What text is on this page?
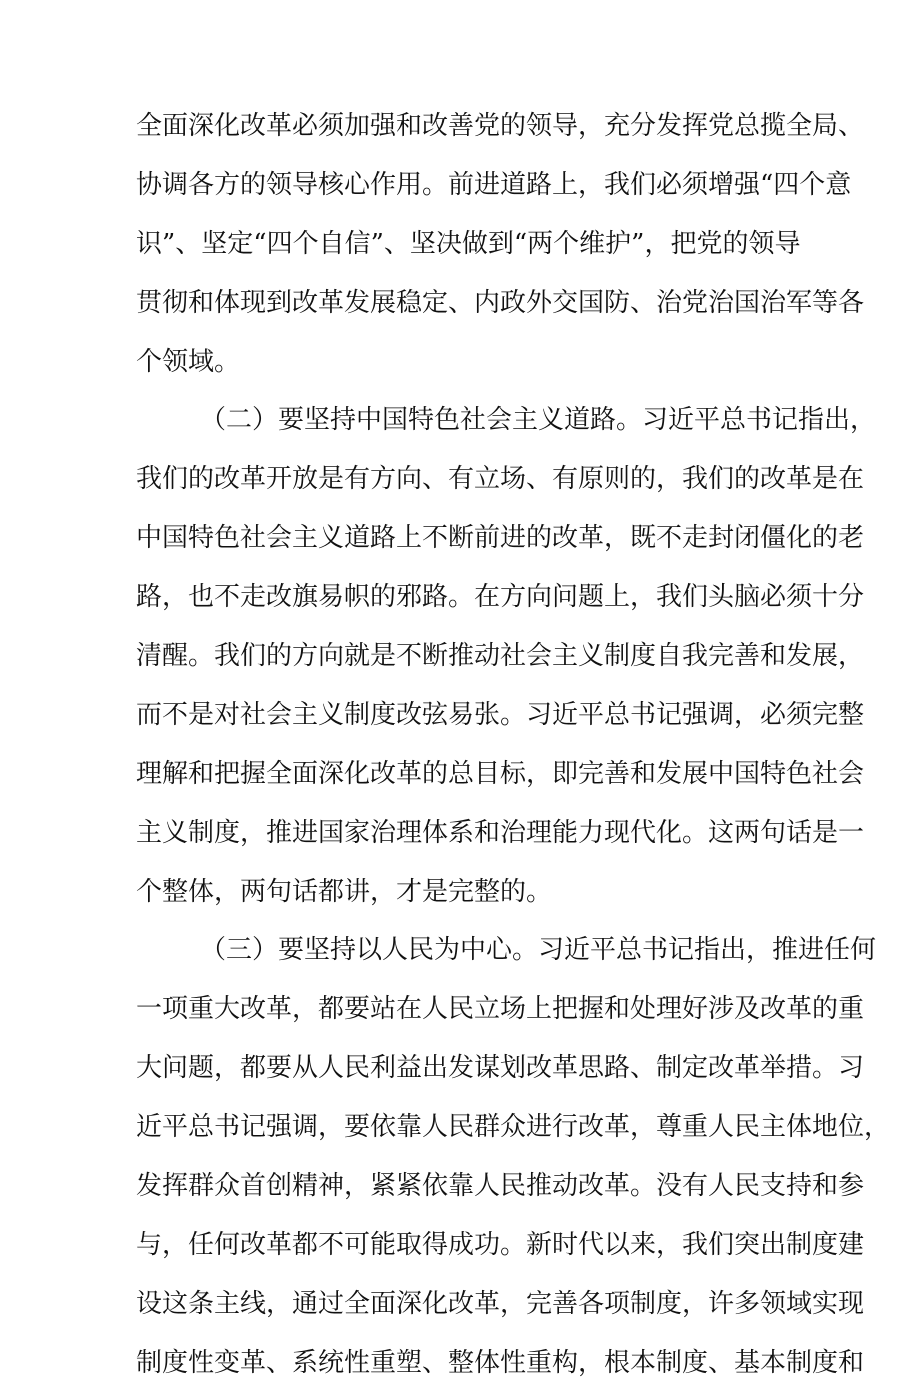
全面深化改革必须加强和改善党的领导，充分发挥党总揽全局、
协调各方的领导核心作用。前进道路上，我们必须增强“四个意
识”、坚定“四个自信”、坚决做到“两个维护”，把党的领导
贯彻和体现到改革发展稳定、内政外交国防、治党治国治军等各
个领域。
（二）要坚持中国特色社会主义道路。习近平总书记指出，
我们的改革开放是有方向、有立场、有原则的，我们的改革是在
中国特色社会主义道路上不断前进的改革，既不走封闭僵化的老
路，也不走改旗易帜的邪路。在方向问题上，我们头脑必须十分
清醒。我们的方向就是不断推动社会主义制度自我完善和发展，
而不是对社会主义制度改弦易张。习近平总书记强调，必须完整
理解和把握全面深化改革的总目标，即完善和发展中国特色社会
主义制度，推进国家治理体系和治理能力现代化。这两句话是一
个整体，两句话都讲，才是完整的。
（三）要坚持以人民为中心。习近平总书记指出，推进任何
一项重大改革，都要站在人民立场上把握和处理好涉及改革的重
大问题，都要从人民利益出发谋划改革思路、制定改革举措。习
近平总书记强调，要依靠人民群众进行改革，尊重人民主体地位，
发挥群众首创精神，紧紧依靠人民推动改革。没有人民支持和参
与，任何改革都不可能取得成功。新时代以来，我们突出制度建
设这条主线，通过全面深化改革，完善各项制度，许多领域实现
制度性变革、系统性重塑、整体性重构，根本制度、基本制度和
